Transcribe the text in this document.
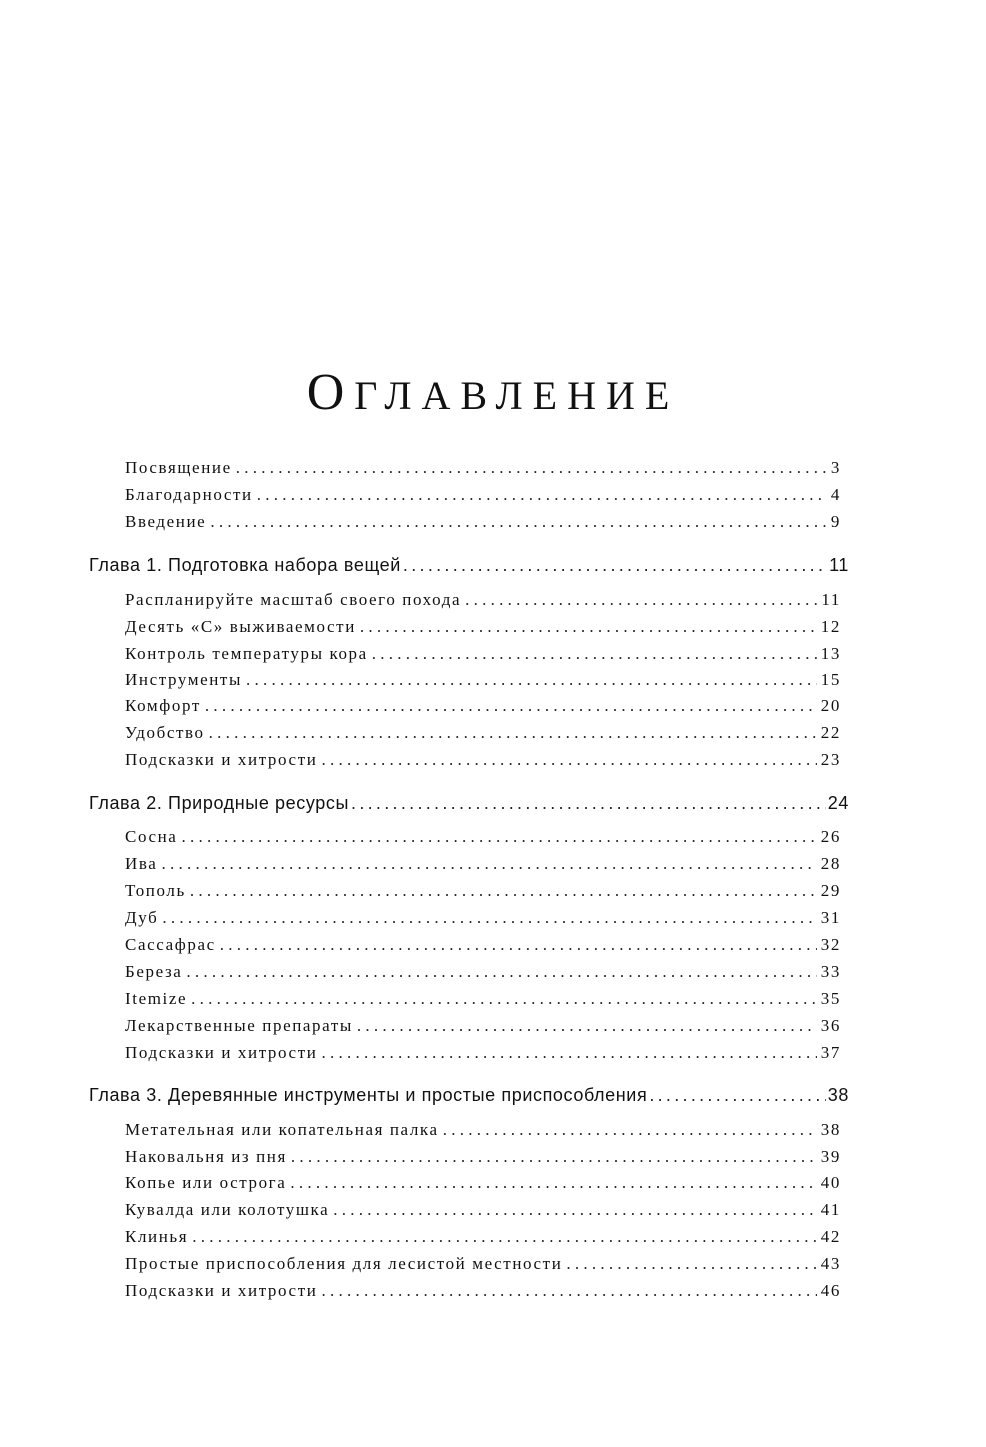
ОГЛАВЛЕНИЕ
Посвящение . . .	3
Благодарности . . .	4
Введение . . .	9
Глава 1. Подготовка набора вещей .....	11
Распланируйте масштаб своего похода . . .	11
Десять «С» выживаемости . . .	12
Контроль температуры кора . . .	13
Инструменты . . .	15
Комфорт . . .	20
Удобство . . .	22
Подсказки и хитрости . . .	23
Глава 2. Природные ресурсы .....	24
Сосна . . .	26
Ива . . .	28
Тополь . . .	29
Дуб . . .	31
Сассафрас . . .	32
Береза . . .	33
Itemize . . .	35
Лекарственные препараты . . .	36
Подсказки и хитрости . . .	37
Глава 3. Деревянные инструменты и простые приспособления .....	38
Метательная или копательная палка . . .	38
Наковальня из пня . . .	39
Копье или острога . . .	40
Кувалда или колотушка . . .	41
Клинья . . .	42
Простые приспособления для лесистой местности . . .	43
Подсказки и хитрости . . .	46
